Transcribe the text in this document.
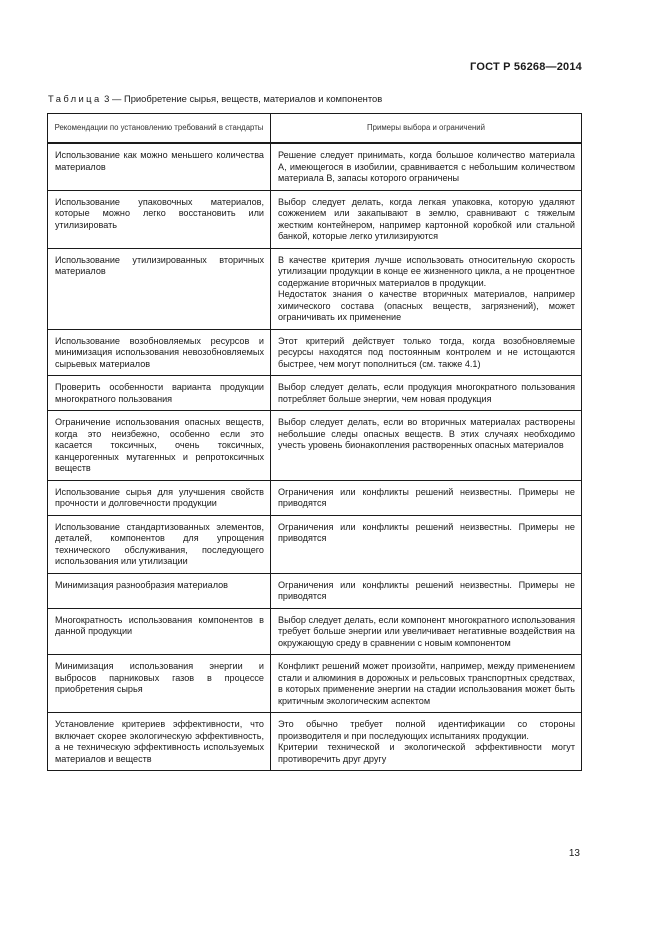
ГОСТ Р 56268—2014
Таблица 3 — Приобретение сырья, веществ, материалов и компонентов
Рекомендации по установлению требований в стандарты	Примеры выбора и ограничений
Использование как можно меньшего количества материалов	Решение следует принимать, когда большое количество материала А, имеющегося в изобилии, сравнивается с небольшим количеством материала В, запасы которого ограничены

Использование упаковочных материалов, которые можно легко восстановить или утилизировать	Выбор следует делать, когда легкая упаковка, которую удаляют сожжением или закапывают в землю, сравнивают с тяжелым жестким контейнером, например картонной коробкой или стальной банкой, которые легко утилизируются

Использование утилизированных вторичных материалов	В качестве критерия лучше использовать относительную скорость утилизации продукции в конце ее жизненного цикла, а не процентное содержание вторичных материалов в продукции.

Недостаток знания о качестве вторичных материалов, например химического состава (опасных веществ, загрязнений), может ограничивать их применение

Использование возобновляемых ресурсов и минимизация использования невозобновляемых сырьевых материалов	Этот критерий действует только тогда, когда возобновляемые ресурсы находятся под постоянным контролем и не истощаются быстрее, чем могут пополниться (см. также 4.1)

Проверить особенности варианта продукции многократного пользования	Выбор следует делать, если продукция многократного пользования потребляет больше энергии, чем новая продукция

Ограничение использования опасных веществ, когда это неизбежно, особенно если это касается токсичных, очень токсичных, канцерогенных мутагенных и репротоксичных веществ	Выбор следует делать, если во вторичных материалах растворены небольшие следы опасных веществ. В этих случаях необходимо учесть уровень бионакопления растворенных опасных материалов

Использование сырья для улучшения свойств прочности и долговечности продукции	Ограничения или конфликты решений неизвестны. Примеры не приводятся

Использование стандартизованных элементов, деталей, компонентов для упрощения технического обслуживания, последующего использования или утилизации	Ограничения или конфликты решений неизвестны. Примеры не приводятся

Минимизация разнообразия материалов	Ограничения или конфликты решений неизвестны. Примеры не приводятся

Многократность использования компонентов в данной продукции	Выбор следует делать, если компонент многократного использования требует больше энергии или увеличивает негативные воздействия на окружающую среду в сравнении с новым компонентом

Минимизация использования энергии и выбросов парниковых газов в процессе приобретения сырья	Конфликт решений может произойти, например, между применением стали и алюминия в дорожных и рельсовых транспортных средствах, в которых применение энергии на стадии использования может быть критичным экологическим аспектом

Установление критериев эффективности, что включает скорее экологическую эффективность, а не техническую эффективность используемых материалов и веществ	Это обычно требует полной идентификации со стороны производителя и при последующих испытаниях продукции.

Критерии технической и экологической эффективности могут противоречить друг другу

13
